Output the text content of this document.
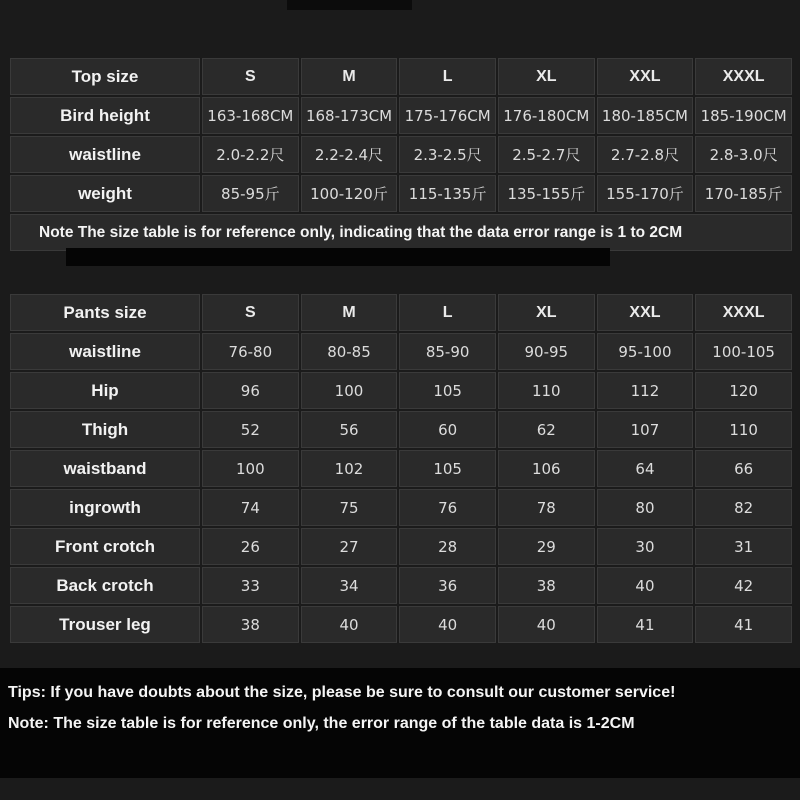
Top size	S	M	L	XL	XXL	XXXL
Bird height	163-168CM	168-173CM	175-176CM	176-180CM	180-185CM	185-190CM
waistline	2.0-2.2尺	2.2-2.4尺	2.3-2.5尺	2.5-2.7尺	2.7-2.8尺	2.8-3.0尺
weight	85-95斤	100-120斤	115-135斤	135-155斤	155-170斤	170-185斤
Note The size table is for reference only, indicating that the data error range is 1 to 2CM						
Pants size	S	M	L	XL	XXL	XXXL
waistline	76-80	80-85	85-90	90-95	95-100	100-105
Hip	96	100	105	110	112	120
Thigh	52	56	60	62	107	110
waistband	100	102	105	106	64	66
ingrowth	74	75	76	78	80	82
Front crotch	26	27	28	29	30	31
Back crotch	33	34	36	38	40	42
Trouser leg	38	40	40	40	41	41

Tips: If you have doubts about the size, please be sure to consult our customer service!

Note: The size table is for reference only, the error range of the table data is 1-2CM
